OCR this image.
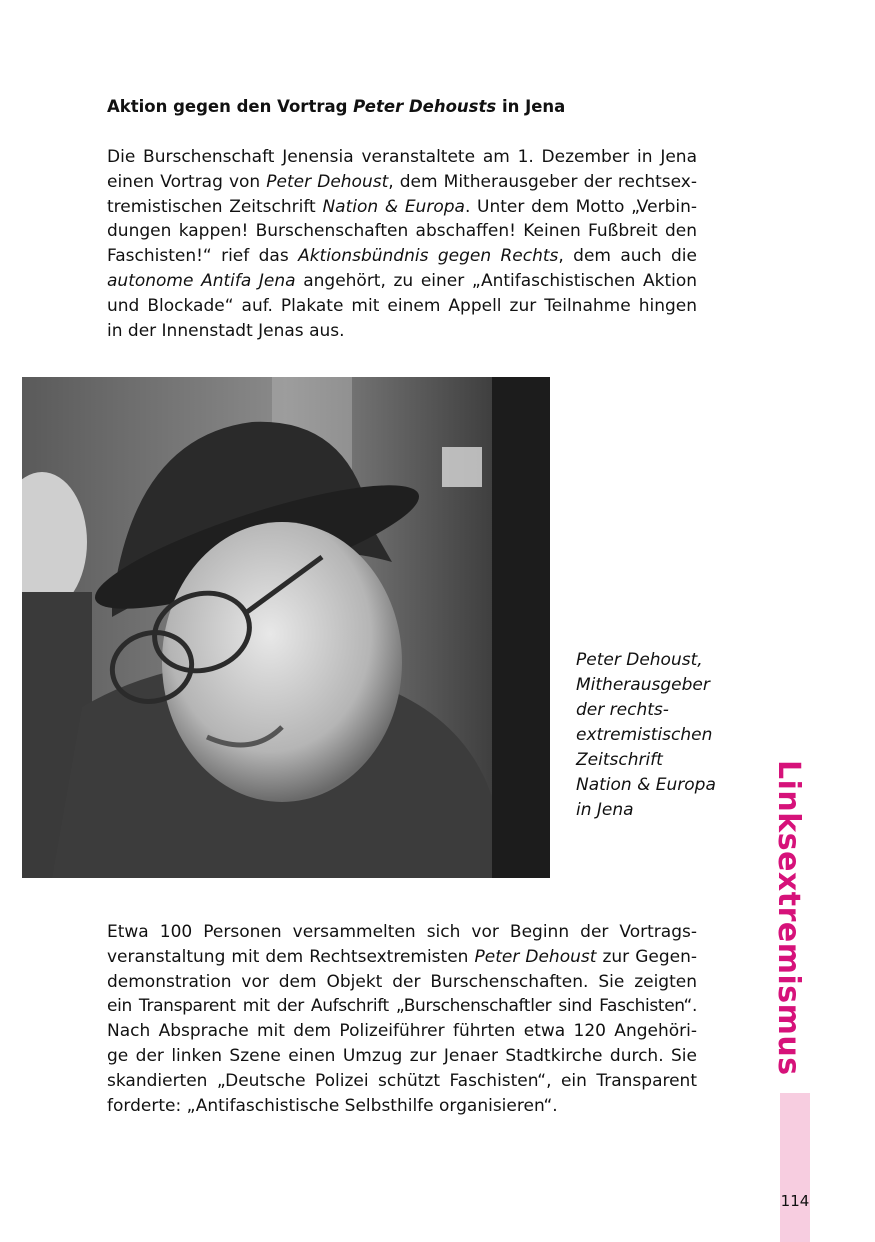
Aktion gegen den Vortrag Peter Dehousts in Jena
Die Burschenschaft Jenensia veranstaltete am 1. Dezember in Jena
einen Vortrag von Peter Dehoust, dem Mitherausgeber der rechtsex-
tremistischen Zeitschrift Nation & Europa. Unter dem Motto „Verbin-
dungen kappen! Burschenschaften abschaffen! Keinen Fußbreit den
Faschisten!“ rief das Aktionsbündnis gegen Rechts, dem auch die
autonome Antifa Jena angehört, zu einer „Antifaschistischen Aktion
und Blockade“ auf. Plakate mit einem Appell zur Teilnahme hingen
in der Innenstadt Jenas aus.
Peter Dehoust,
Mitherausgeber
der rechts-
extremistischen
Zeitschrift
Nation & Europa
in Jena
Etwa 100 Personen versammelten sich vor Beginn der Vortrags-
veranstaltung mit dem Rechtsextremisten Peter Dehoust zur Gegen-
demonstration vor dem Objekt der Burschenschaften. Sie zeigten
ein Transparent mit der Aufschrift „Burschenschaftler sind Faschisten“.
Nach Absprache mit dem Polizeiführer führten etwa 120 Angehöri-
ge der linken Szene einen Umzug zur Jenaer Stadtkirche durch. Sie
skandierten „Deutsche Polizei schützt Faschisten“, ein Transparent
forderte: „Antifaschistische Selbsthilfe organisieren“.
Linksextremismus
114
